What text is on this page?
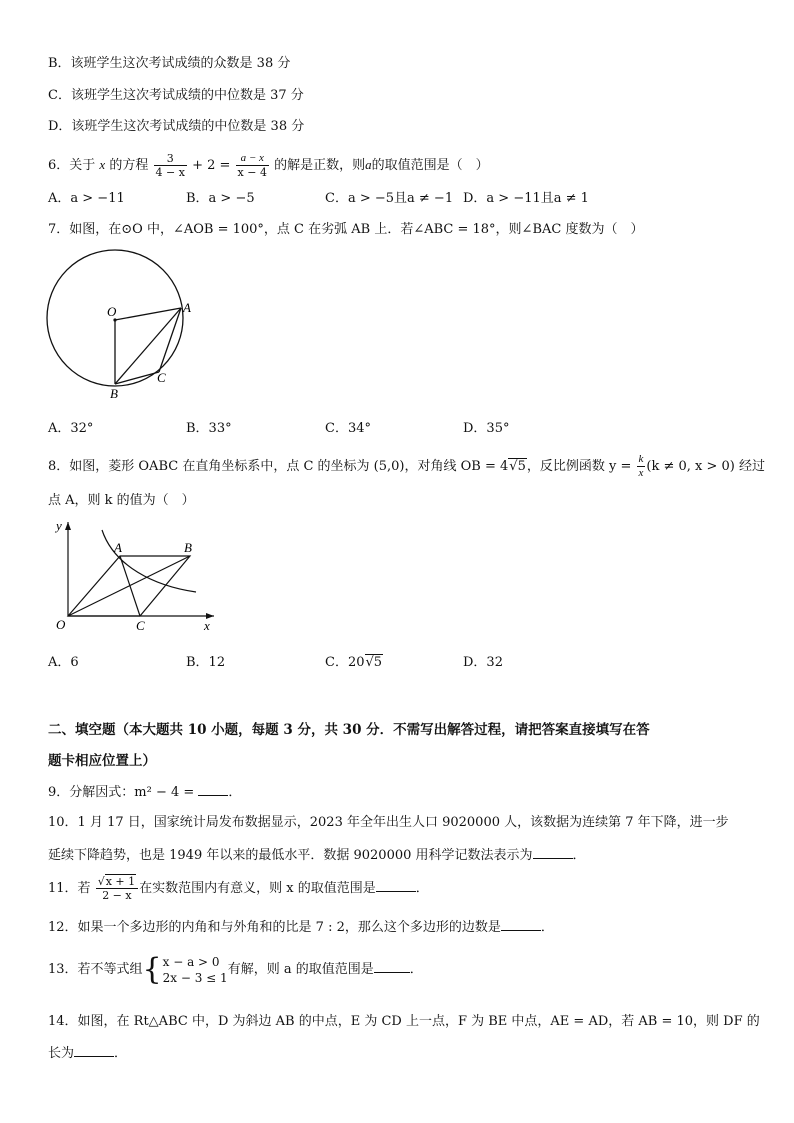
B．该班学生这次考试成绩的众数是 38 分
C．该班学生这次考试成绩的中位数是 37 分
D．该班学生这次考试成绩的中位数是 38 分
6．关于 x 的方程 $\frac{3}{4 - x} + 2 = \frac{a - x}{x - 4}$ 的解是正数，则a的取值范围是（　）
A．a > −11	B．a > −5	C．a > −5且a ≠ −1 D．a > −11且a ≠ 1
7．如图，在⊙O 中，∠AOB = 100°，点 C 在劣弧 AB 上．若∠ABC = 18°，则∠BAC 度数为（　）
O	A
B
C
A．32°	B．33°	C．34°	D．35°
8．如图，菱形 OABC 在直角坐标系中，点 C 的坐标为 (5,0)，对角线 OB = 4√5，反比例函数 $y = \frac{k}{x} (k \ne 0$, x > 0) 经过
点 A，则 k 的值为（　）
y
x
O
A	B
C
A．6	B．12	C．20√5	D．32
二、填空题（本大题共 10 小题，每题 3 分，共 30 分．不需写出解答过程，请把答案直接填写在答
题卡相应位置上）
9．分解因式：m² − 4 =	．
10．1 月 17 日，国家统计局发布数据显示，2023 年全年出生人口 9020000 人，该数据为连续第 7 年下降，进一步
延续下降趋势，也是 1949 年以来的最低水平．数据 9020000 用科学记数法表示为	．
11．若 $\frac{√x + 1}{2 - x}$ 在实数范围内有意义，则 x 的取值范围是	．
12．如果一个多边形的内角和与外角和的比是 7 : 2，那么这个多边形的边数是	．
13．若不等式组{ x − a > 0
2x − 3 ≤ 1
有解，则 a 的取值范围是	．
14．如图，在 Rt△ABC 中，D 为斜边 AB 的中点，E 为 CD 上一点，F 为 BE 中点，AE = AD，若 AB = 10，则 DF 的
长为	．
